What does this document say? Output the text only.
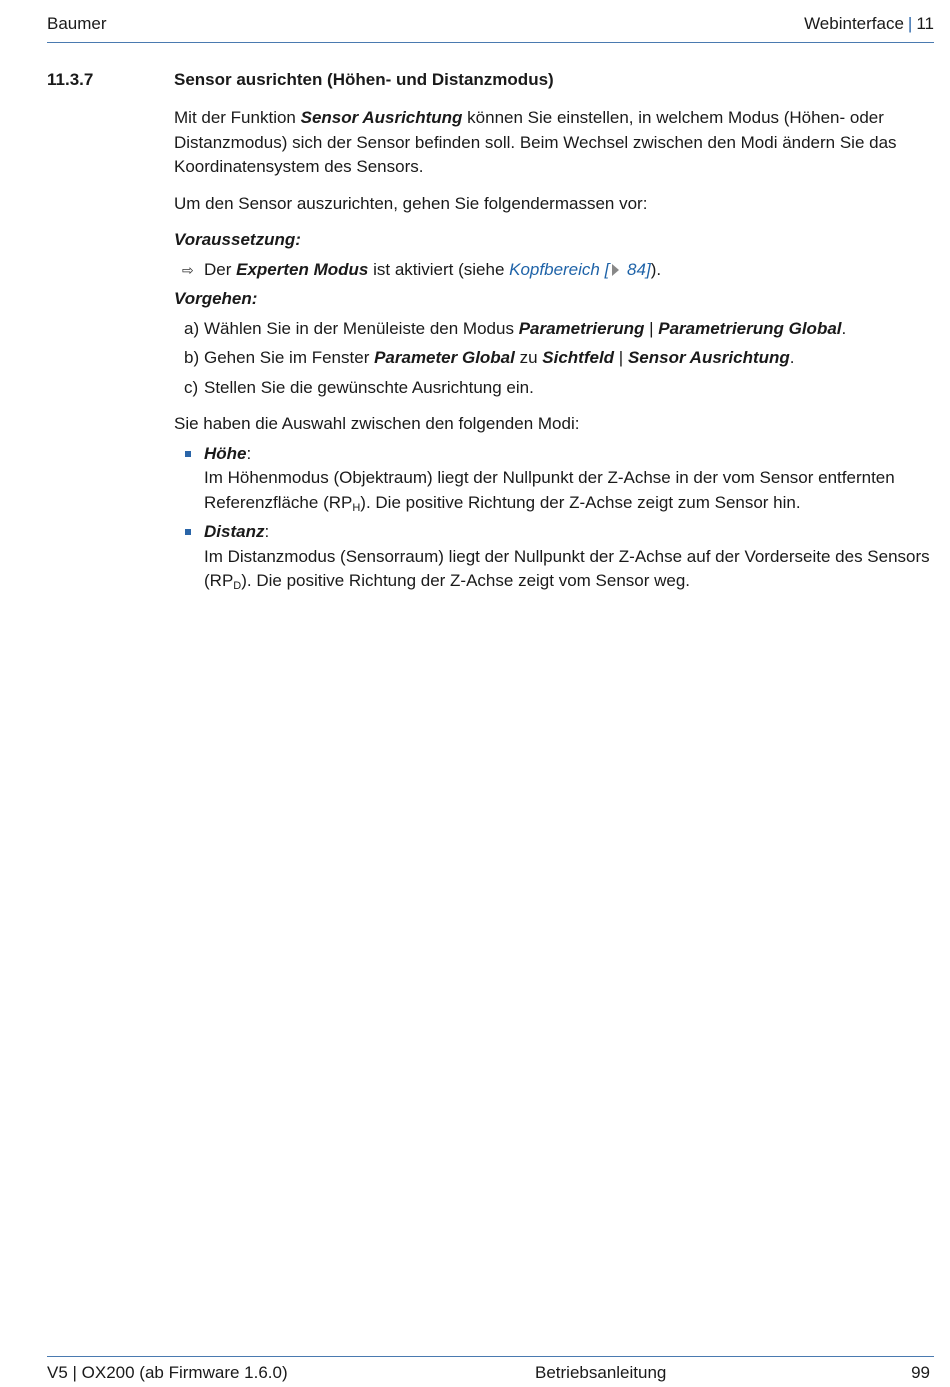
Baumer	Webinterface | 11
11.3.7	Sensor ausrichten (Höhen- und Distanzmodus)

Mit der Funktion Sensor Ausrichtung können Sie einstellen, in welchem Modus (Höhen- oder Distanzmodus) sich der Sensor befinden soll. Beim Wechsel zwischen den Modi ändern Sie das Koordinatensystem des Sensors.

Um den Sensor auszurichten, gehen Sie folgendermassen vor:

Voraussetzung:

⇨ Der Experten Modus ist aktiviert (siehe Kopfbereich [ 84]).

Vorgehen:

a) Wählen Sie in der Menüleiste den Modus Parametrierung | Parametrierung Global.
b) Gehen Sie im Fenster Parameter Global zu Sichtfeld | Sensor Ausrichtung.
c) Stellen Sie die gewünschte Ausrichtung ein.

Sie haben die Auswahl zwischen den folgenden Modi:

Höhe:
Im Höhenmodus (Objektraum) liegt der Nullpunkt der Z-Achse in der vom Sensor entfernten Referenzfläche $(RP_H)$. Die positive Richtung der Z-Achse zeigt zum Sensor hin.
Distanz:
Im Distanzmodus (Sensorraum) liegt der Nullpunkt der Z-Achse auf der Vorderseite des Sensors $(RP_D)$. Die positive Richtung der Z-Achse zeigt vom Sensor weg.
V5 | OX200 (ab Firmware 1.6.0)	Betriebsanleitung	99
